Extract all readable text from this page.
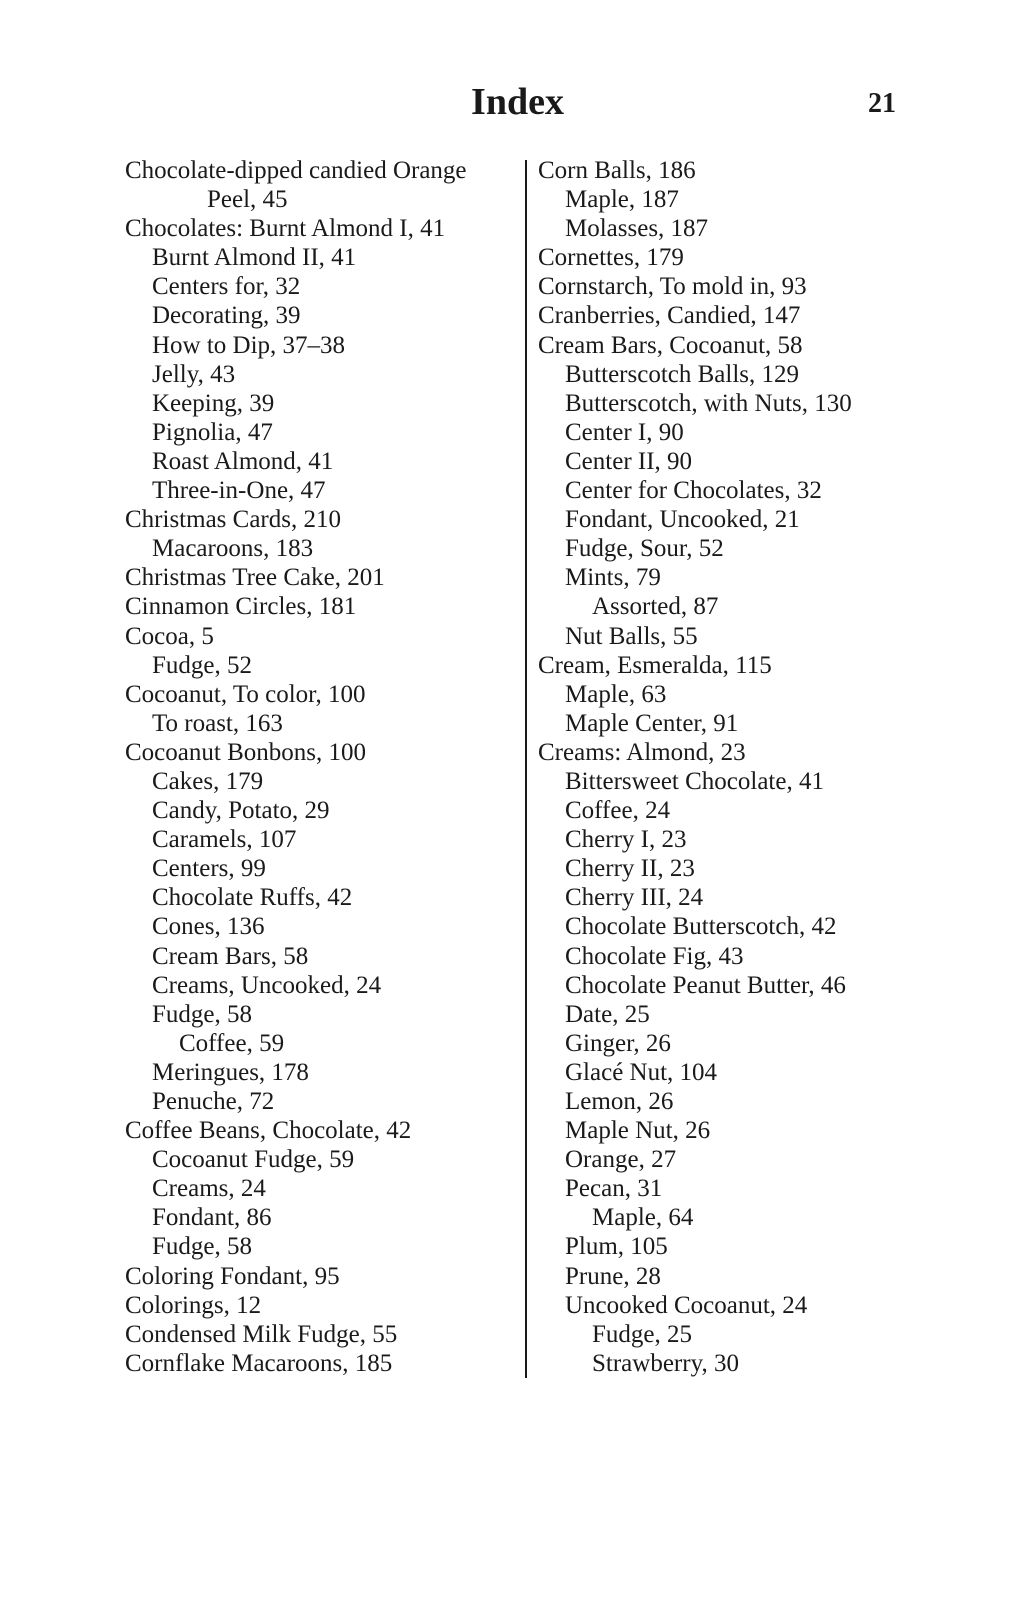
Index	21
Chocolate-dipped candied Orange
Peel, 45
Chocolates: Burnt Almond I, 41
Burnt Almond II, 41
Centers for, 32
Decorating, 39
How to Dip, 37–38
Jelly, 43
Keeping, 39
Pignolia, 47
Roast Almond, 41
Three-in-One, 47
Christmas Cards, 210
Macaroons, 183
Christmas Tree Cake, 201
Cinnamon Circles, 181
Cocoa, 5
Fudge, 52
Cocoanut, To color, 100
To roast, 163
Cocoanut Bonbons, 100
Cakes, 179
Candy, Potato, 29
Caramels, 107
Centers, 99
Chocolate Ruffs, 42
Cones, 136
Cream Bars, 58
Creams, Uncooked, 24
Fudge, 58
Coffee, 59
Meringues, 178
Penuche, 72
Coffee Beans, Chocolate, 42
Cocoanut Fudge, 59
Creams, 24
Fondant, 86
Fudge, 58
Coloring Fondant, 95
Colorings, 12
Condensed Milk Fudge, 55
Cornflake Macaroons, 185
Corn Balls, 186
Maple, 187
Molasses, 187
Cornettes, 179
Cornstarch, To mold in, 93
Cranberries, Candied, 147
Cream Bars, Cocoanut, 58
Butterscotch Balls, 129
Butterscotch, with Nuts, 130
Center I, 90
Center II, 90
Center for Chocolates, 32
Fondant, Uncooked, 21
Fudge, Sour, 52
Mints, 79
Assorted, 87
Nut Balls, 55
Cream, Esmeralda, 115
Maple, 63
Maple Center, 91
Creams: Almond, 23
Bittersweet Chocolate, 41
Coffee, 24
Cherry I, 23
Cherry II, 23
Cherry III, 24
Chocolate Butterscotch, 42
Chocolate Fig, 43
Chocolate Peanut Butter, 46
Date, 25
Ginger, 26
Glacé Nut, 104
Lemon, 26
Maple Nut, 26
Orange, 27
Pecan, 31
Maple, 64
Plum, 105
Prune, 28
Uncooked Cocoanut, 24
Fudge, 25
Strawberry, 30
